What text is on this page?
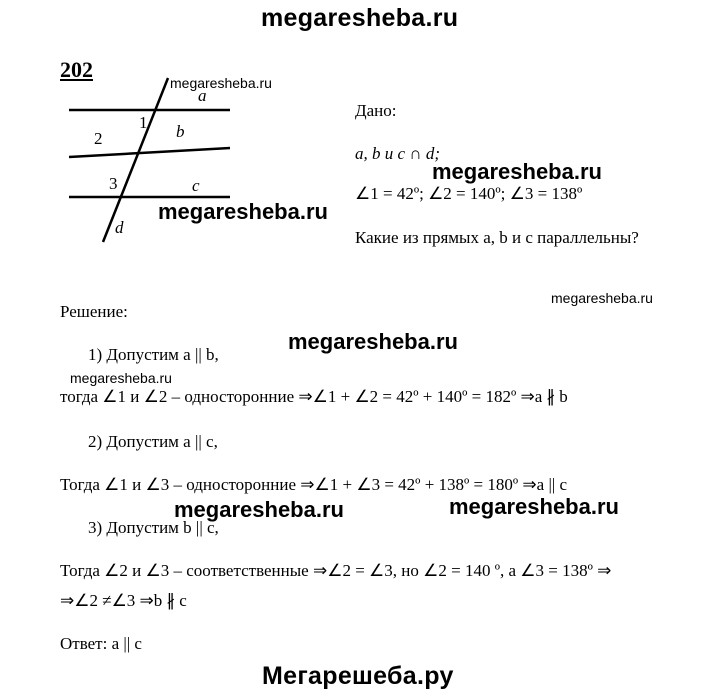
megaresheba.ru
202
megaresheba.ru
a
1 b
2
3	c
d
megaresheba.ru
Дано:
a, b и c ∩ d;
megaresheba.ru
∠1 = 42º; ∠2 = 140º; ∠3 = 138º
Какие из прямых a, b и c параллельны?
megaresheba.ru
Решение:
megaresheba.ru
1) Допустим a || b,
megaresheba.ru
тогда ∠1 и ∠2 – односторонние ⇒∠1 + ∠2 = 42º + 140º = 182º ⇒a ∦ b
2) Допустим a || c,
Тогда ∠1 и ∠3 – односторонние ⇒∠1 + ∠3 = 42º + 138º = 180º ⇒a || c
megaresheba.ru	megaresheba.ru
3) Допустим b || c,
Тогда ∠2 и ∠3 – соответственные ⇒∠2 = ∠3, но ∠2 = 140 º, а ∠3 = 138º ⇒
⇒∠2 ≠∠3 ⇒b ∦ c
Ответ: a || c
Мегарешеба.ру
